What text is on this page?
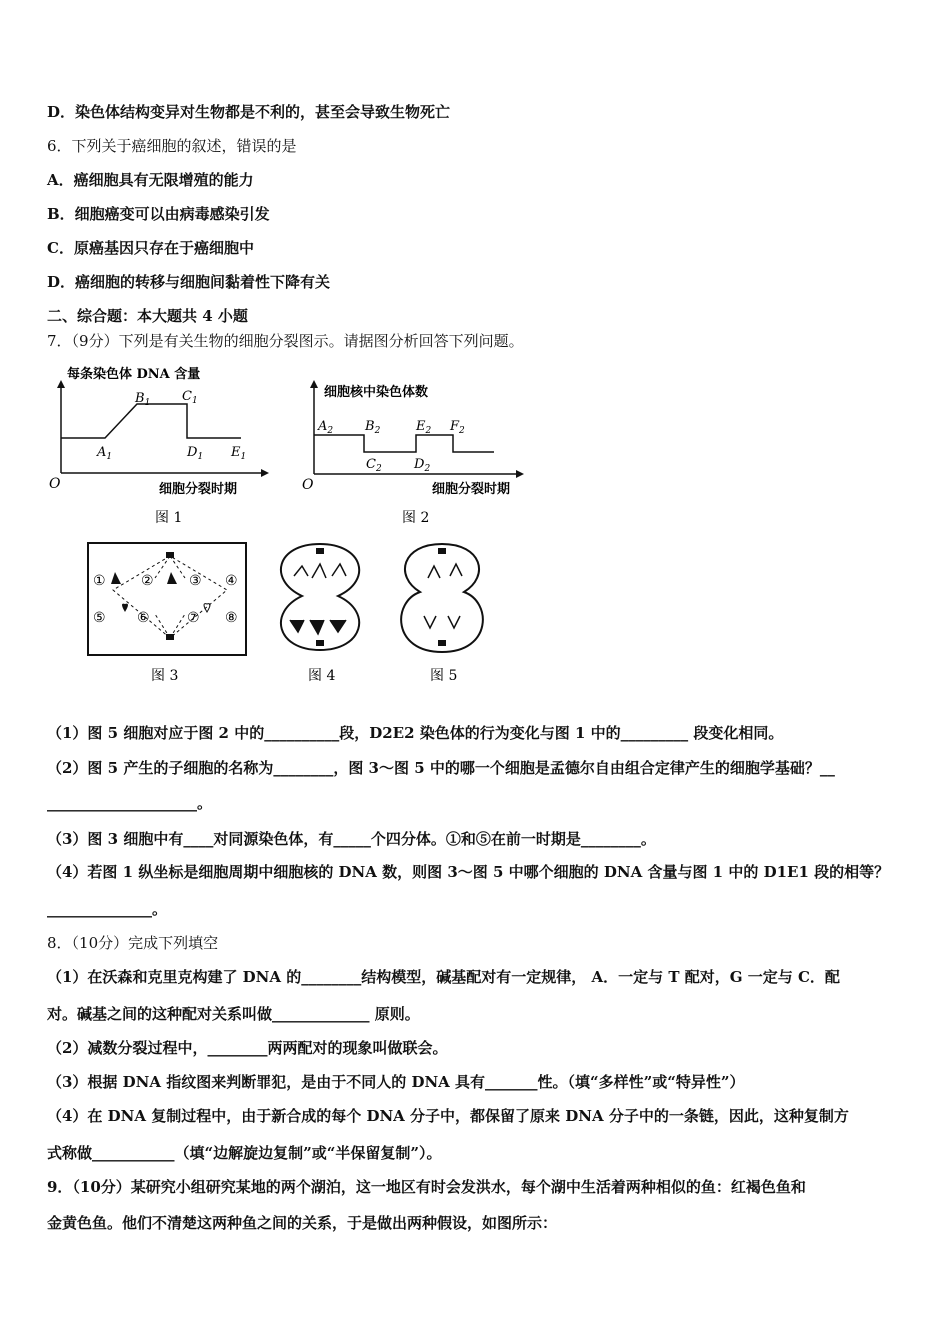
D．染色体结构变异对生物都是不利的，甚至会导致生物死亡
6．下列关于癌细胞的叙述，错误的是
A．癌细胞具有无限增殖的能力
B．细胞癌变可以由病毒感染引发
C．原癌基因只存在于癌细胞中
D．癌细胞的转移与细胞间黏着性下降有关
二、综合题：本大题共 4 小题
7．（9分）下列是有关生物的细胞分裂图示。请据图分析回答下列问题。
每条染色体 DNA 含量
O
$A_1$
$B_1$ $C_1$
$D_1$ $E_1$
细胞分裂时期
图 1
细胞核中染色体数
O
$A_2$ $B_2$
$C_2$ $D_2$
$E_2$ $F_2$
细胞分裂时期
图 2
①	②	③ ④
⑤ ⑥	⑦ ⑧
图 3	图 4	图 5
（1）图 5 细胞对应于图 2 中的__________段，D2E2 染色体的行为变化与图 1 中的_________ 段变化相同。
（2）图 5 产生的子细胞的名称为________，图 3～图 5 中的哪一个细胞是孟德尔自由组合定律产生的细胞学基础？__
____________________。
（3）图 3 细胞中有____对同源染色体，有_____个四分体。①和⑤在前一时期是________。
（4）若图 1 纵坐标是细胞周期中细胞核的 DNA 数，则图 3～图 5 中哪个细胞的 DNA 含量与图 1 中的 D1E1 段的相等？
______________。
8．（10分）完成下列填空
（1）在沃森和克里克构建了 DNA 的________结构模型，碱基配对有一定规律， A．一定与 T 配对，G 一定与 C．配
对。碱基之间的这种配对关系叫做_____________ 原则。
（2）减数分裂过程中，________两两配对的现象叫做联会。
（3）根据 DNA 指纹图来判断罪犯，是由于不同人的 DNA 具有_______性。（填“多样性”或“特异性”）
（4）在 DNA 复制过程中，由于新合成的每个 DNA 分子中，都保留了原来 DNA 分子中的一条链，因此，这种复制方
式称做___________（填“边解旋边复制”或“半保留复制”）。
9．（10分）某研究小组研究某地的两个湖泊，这一地区有时会发洪水，每个湖中生活着两种相似的鱼：红褐色鱼和
金黄色鱼。他们不清楚这两种鱼之间的关系，于是做出两种假设，如图所示：
